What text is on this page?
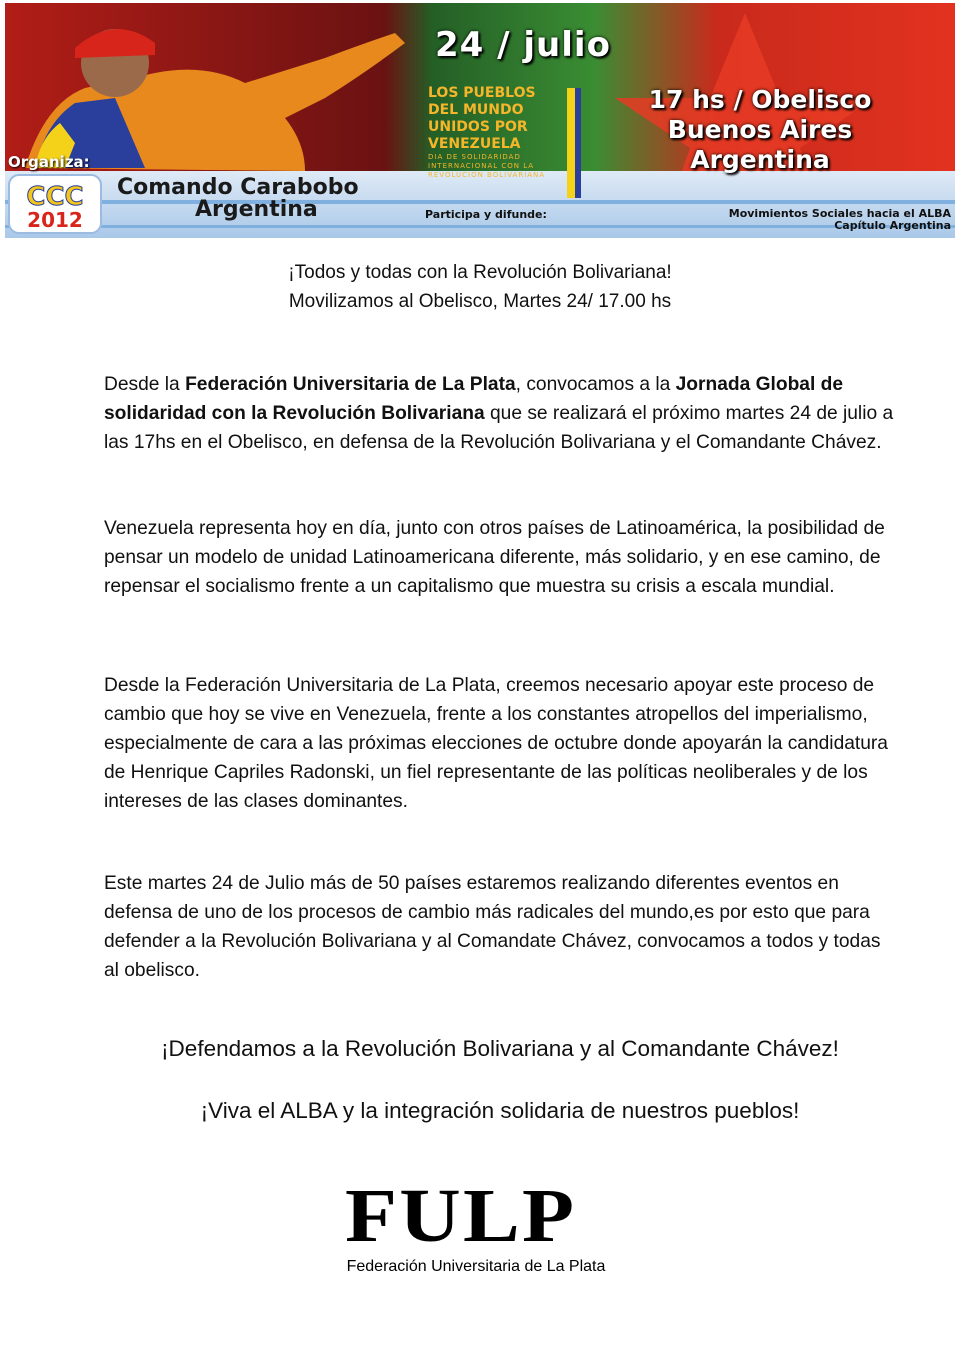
24 / julio
LOS PUEBLOS
DEL MUNDO
UNIDOS POR
VENEZUELA
DIA DE SOLIDARIDAD INTERNACIONAL CON LA REVOLUCION BOLIVARIANA
17 hs / Obelisco
Buenos Aires
Argentina
Organiza:
CCC
2012
Comando Carabobo
Argentina	Participa y difunde:	Movimientos Sociales hacia el ALBA
Capítulo Argentina
¡Todos y todas con la Revolución Bolivariana!
Movilizamos al Obelisco, Martes 24/ 17.00 hs

Desde la Federación Universitaria de La Plata, convocamos a la Jornada Global de solidaridad con la Revolución Bolivariana que se realizará el próximo martes 24 de julio a las 17hs en el Obelisco, en defensa de la Revolución Bolivariana y el Comandante Chávez.

Venezuela representa hoy en día, junto con otros países de Latinoamérica, la posibilidad de pensar un modelo de unidad Latinoamericana diferente, más solidario, y en ese camino, de repensar el socialismo frente a un capitalismo que muestra su crisis a escala mundial.

Desde la Federación Universitaria de La Plata, creemos necesario apoyar este proceso de cambio que hoy se vive en Venezuela, frente a los constantes atropellos del imperialismo, especialmente de cara a las próximas elecciones de octubre donde apoyarán la candidatura de Henrique Capriles Radonski, un fiel representante de las políticas neoliberales y de los intereses de las clases dominantes.

Este martes 24 de Julio más de 50 países estaremos realizando diferentes eventos en defensa de uno de los procesos de cambio más radicales del mundo,es por esto que para defender a la Revolución Bolivariana y al Comandate Chávez, convocamos a todos y todas al obelisco.

¡Defendamos a la Revolución Bolivariana y al Comandante Chávez!
¡Viva el ALBA y la integración solidaria de nuestros pueblos!
FULP
Federación Universitaria de La Plata
